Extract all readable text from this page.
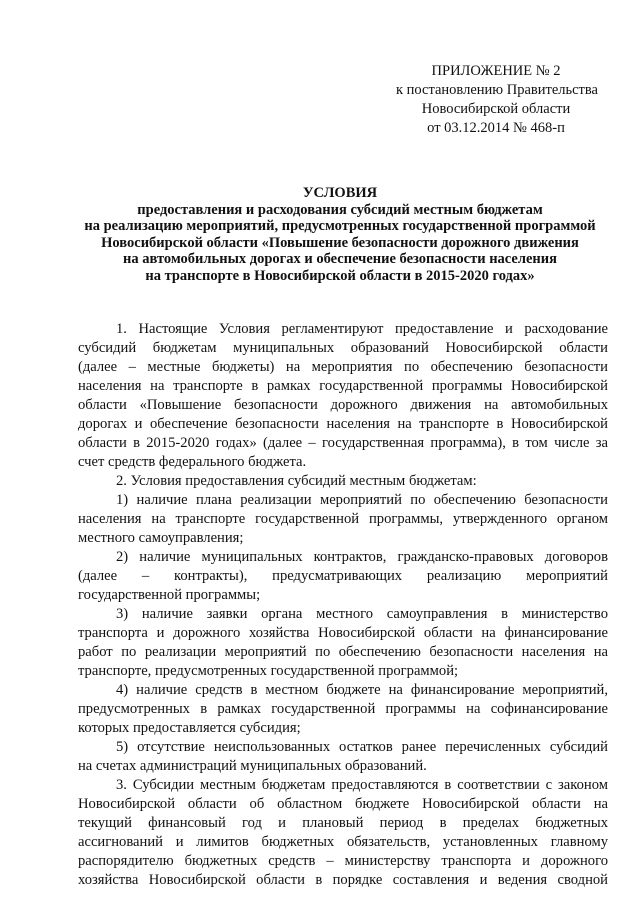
ПРИЛОЖЕНИЕ № 2
к постановлению Правительства
Новосибирской области
от 03.12.2014 № 468-п
УСЛОВИЯ
предоставления и расходования субсидий местным бюджетам
на реализацию мероприятий, предусмотренных государственной программой
Новосибирской области «Повышение безопасности дорожного движения
на автомобильных дорогах и обеспечение безопасности населения
на транспорте в Новосибирской области в 2015-2020 годах»
1. Настоящие Условия регламентируют предоставление и расходование
субсидий бюджетам муниципальных образований Новосибирской области
(далее – местные бюджеты) на мероприятия по обеспечению безопасности
населения на транспорте в рамках государственной программы Новосибирской
области «Повышение безопасности дорожного движения на автомобильных
дорогах и обеспечение безопасности населения на транспорте в Новосибирской
области в 2015-2020 годах» (далее – государственная программа), в том числе за
счет средств федерального бюджета.
2. Условия предоставления субсидий местным бюджетам:
1) наличие плана реализации мероприятий по обеспечению безопасности
населения на транспорте государственной программы, утвержденного органом
местного самоуправления;
2) наличие муниципальных контрактов, гражданско-правовых договоров
(далее – контракты), предусматривающих реализацию мероприятий
государственной программы;
3) наличие заявки органа местного самоуправления в министерство
транспорта и дорожного хозяйства Новосибирской области на финансирование
работ по реализации мероприятий по обеспечению безопасности населения на
транспорте, предусмотренных государственной программой;
4) наличие средств в местном бюджете на финансирование мероприятий,
предусмотренных в рамках государственной программы на софинансирование
которых предоставляется субсидия;
5) отсутствие неиспользованных остатков ранее перечисленных субсидий
на счетах администраций муниципальных образований.
3. Субсидии местным бюджетам предоставляются в соответствии с законом
Новосибирской области об областном бюджете Новосибирской области на
текущий финансовый год и плановый период в пределах бюджетных
ассигнований и лимитов бюджетных обязательств, установленных главному
распорядителю бюджетных средств – министерству транспорта и дорожного
хозяйства Новосибирской области в порядке составления и ведения сводной
